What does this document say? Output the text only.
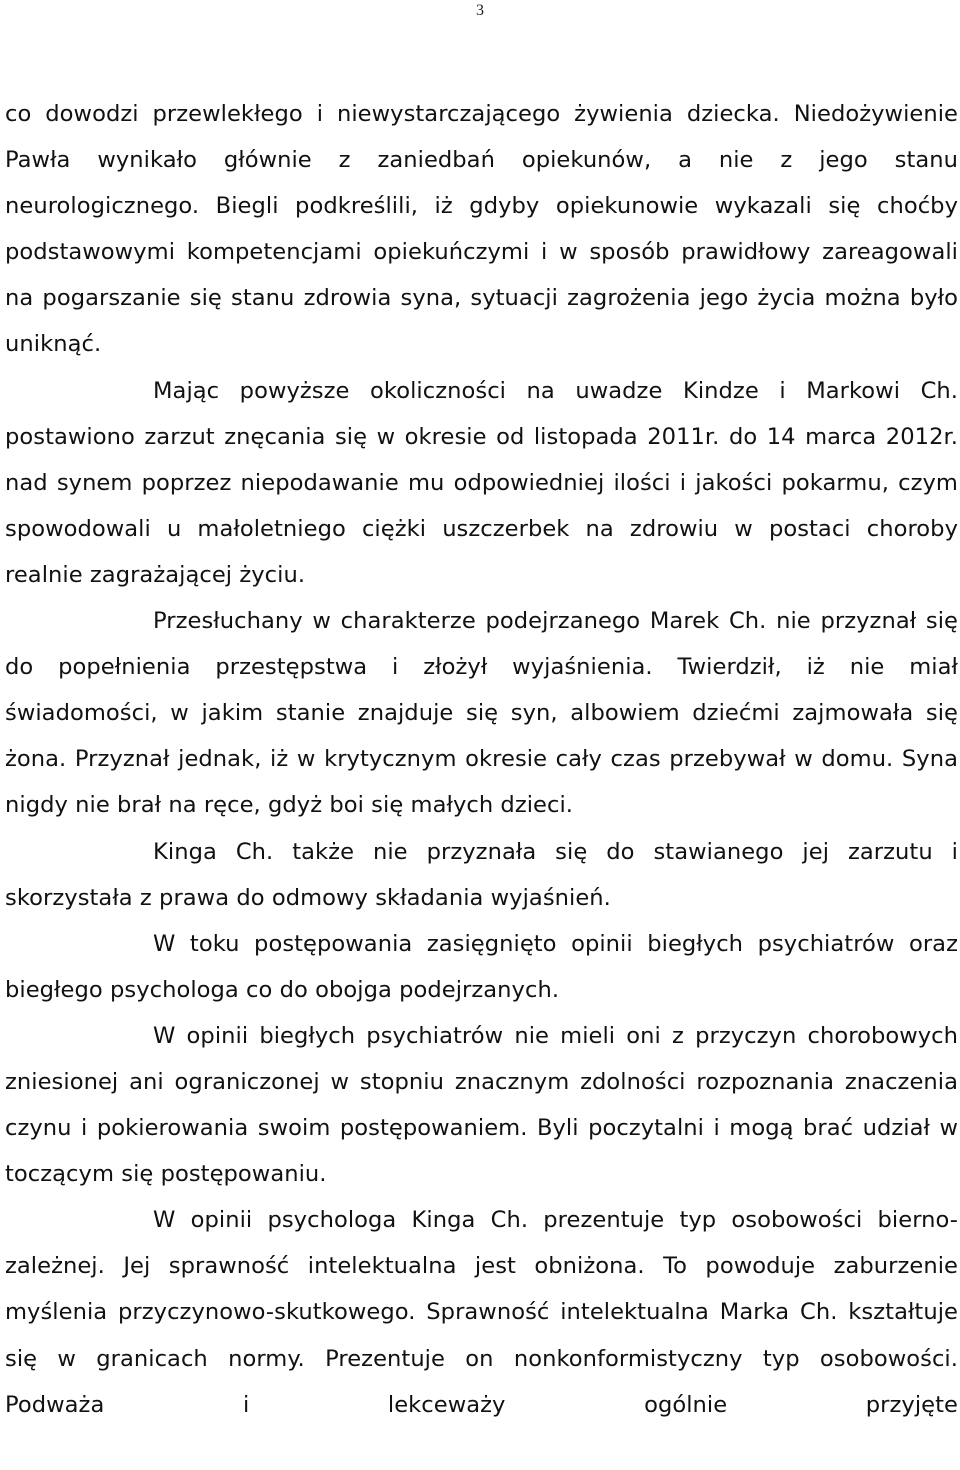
3

co dowodzi przewlekłego i niewystarczającego żywienia dziecka. Niedożywienie Pawła wynikało głównie z zaniedbań opiekunów, a nie z jego stanu neurologicznego. Biegli podkreślili, iż gdyby opiekunowie wykazali się choćby podstawowymi kompetencjami opiekuńczymi i w sposób prawidłowy zareagowali na pogarszanie się stanu zdrowia syna, sytuacji zagrożenia jego życia można było uniknąć.

Mając powyższe okoliczności na uwadze Kindze i Markowi Ch. postawiono zarzut znęcania się w okresie od listopada 2011r. do 14 marca 2012r. nad synem poprzez niepodawanie mu odpowiedniej ilości i jakości pokarmu, czym spowodowali u małoletniego ciężki uszczerbek na zdrowiu w postaci choroby realnie zagrażającej życiu.

Przesłuchany w charakterze podejrzanego Marek Ch. nie przyznał się do popełnienia przestępstwa i złożył wyjaśnienia. Twierdził, iż nie miał świadomości, w jakim stanie znajduje się syn, albowiem dziećmi zajmowała się żona. Przyznał jednak, iż w krytycznym okresie cały czas przebywał w domu. Syna nigdy nie brał na ręce, gdyż boi się małych dzieci.

Kinga Ch. także nie przyznała się do stawianego jej zarzutu i skorzystała z prawa do odmowy składania wyjaśnień.

W toku postępowania zasięgnięto opinii biegłych psychiatrów oraz biegłego psychologa co do obojga podejrzanych.

W opinii biegłych psychiatrów nie mieli oni z przyczyn chorobowych zniesionej ani ograniczonej w stopniu znacznym zdolności rozpoznania znaczenia czynu i pokierowania swoim postępowaniem. Byli poczytalni i mogą brać udział w toczącym się postępowaniu.

W opinii psychologa Kinga Ch. prezentuje typ osobowości bierno-zależnej. Jej sprawność intelektualna jest obniżona. To powoduje zaburzenie myślenia przyczynowo-skutkowego. Sprawność intelektualna Marka Ch. kształtuje się w granicach normy. Prezentuje on nonkonformistyczny typ osobowości. Podważa i lekceważy ogólnie przyjęte
